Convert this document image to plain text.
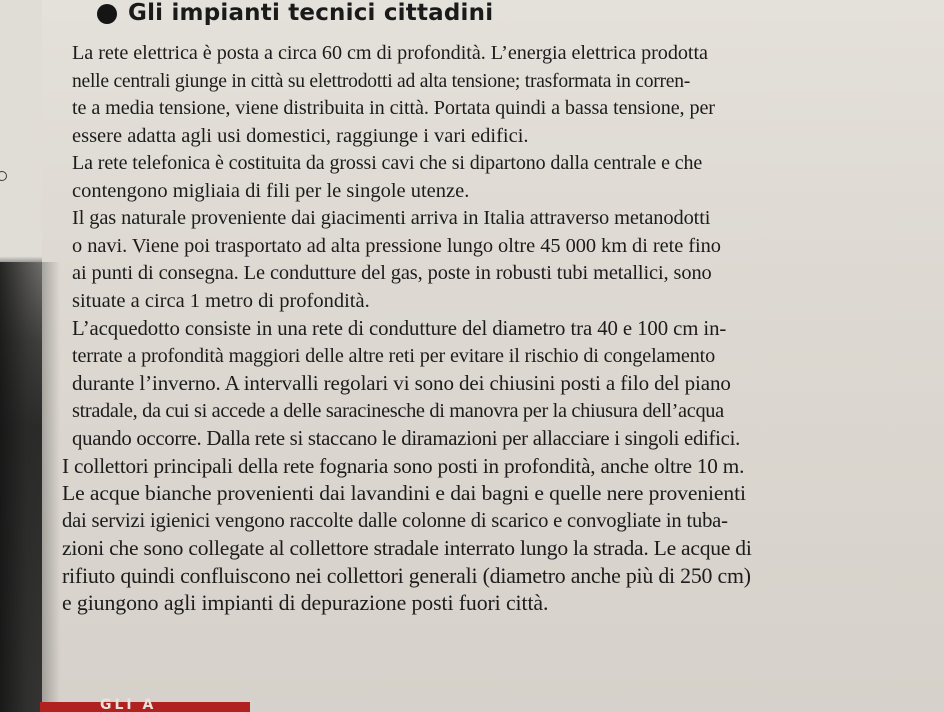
Gli impianti tecnici cittadini
La rete elettrica è posta a circa 60 cm di profondità. L’energia elettrica prodotta
nelle centrali giunge in città su elettrodotti ad alta tensione; trasformata in corren-
te a media tensione, viene distribuita in città. Portata quindi a bassa tensione, per
essere adatta agli usi domestici, raggiunge i vari edifici.
La rete telefonica è costituita da grossi cavi che si dipartono dalla centrale e che
contengono migliaia di fili per le singole utenze.
Il gas naturale proveniente dai giacimenti arriva in Italia attraverso metanodotti
o navi. Viene poi trasportato ad alta pressione lungo oltre 45 000 km di rete fino
ai punti di consegna. Le condutture del gas, poste in robusti tubi metallici, sono
situate a circa 1 metro di profondità.
L’acquedotto consiste in una rete di condutture del diametro tra 40 e 100 cm in-
terrate a profondità maggiori delle altre reti per evitare il rischio di congelamento
durante l’inverno. A intervalli regolari vi sono dei chiusini posti a filo del piano
stradale, da cui si accede a delle saracinesche di manovra per la chiusura dell’acqua
quando occorre. Dalla rete si staccano le diramazioni per allacciare i singoli edifici.
I collettori principali della rete fognaria sono posti in profondità, anche oltre 10 m.
Le acque bianche provenienti dai lavandini e dai bagni e quelle nere provenienti
dai servizi igienici vengono raccolte dalle colonne di scarico e convogliate in tuba-
zioni che sono collegate al collettore stradale interrato lungo la strada. Le acque di
rifiuto quindi confluiscono nei collettori generali (diametro anche più di 250 cm)
e giungono agli impianti di depurazione posti fuori città.
GLI A
